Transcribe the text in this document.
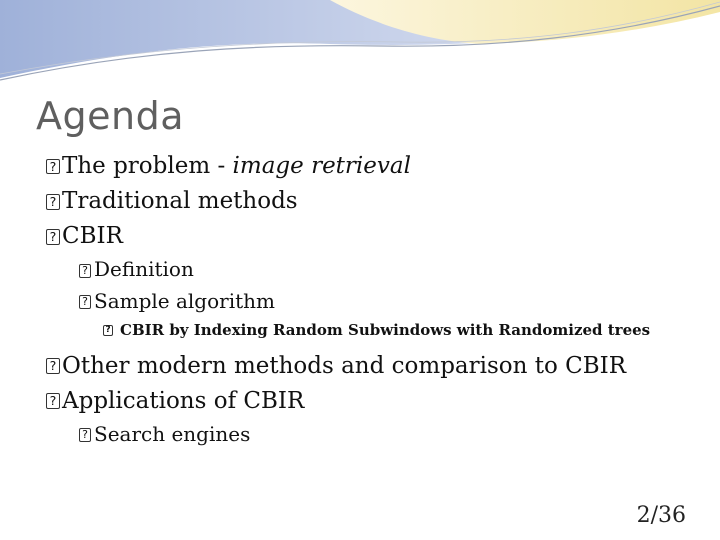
Agenda
? The problem - image retrieval
? Traditional methods
? CBIR
? Definition
? Sample algorithm
? CBIR by Indexing Random Subwindows with Randomized trees
? Other modern methods and comparison to CBIR
? Applications of CBIR
? Search engines
2/36
